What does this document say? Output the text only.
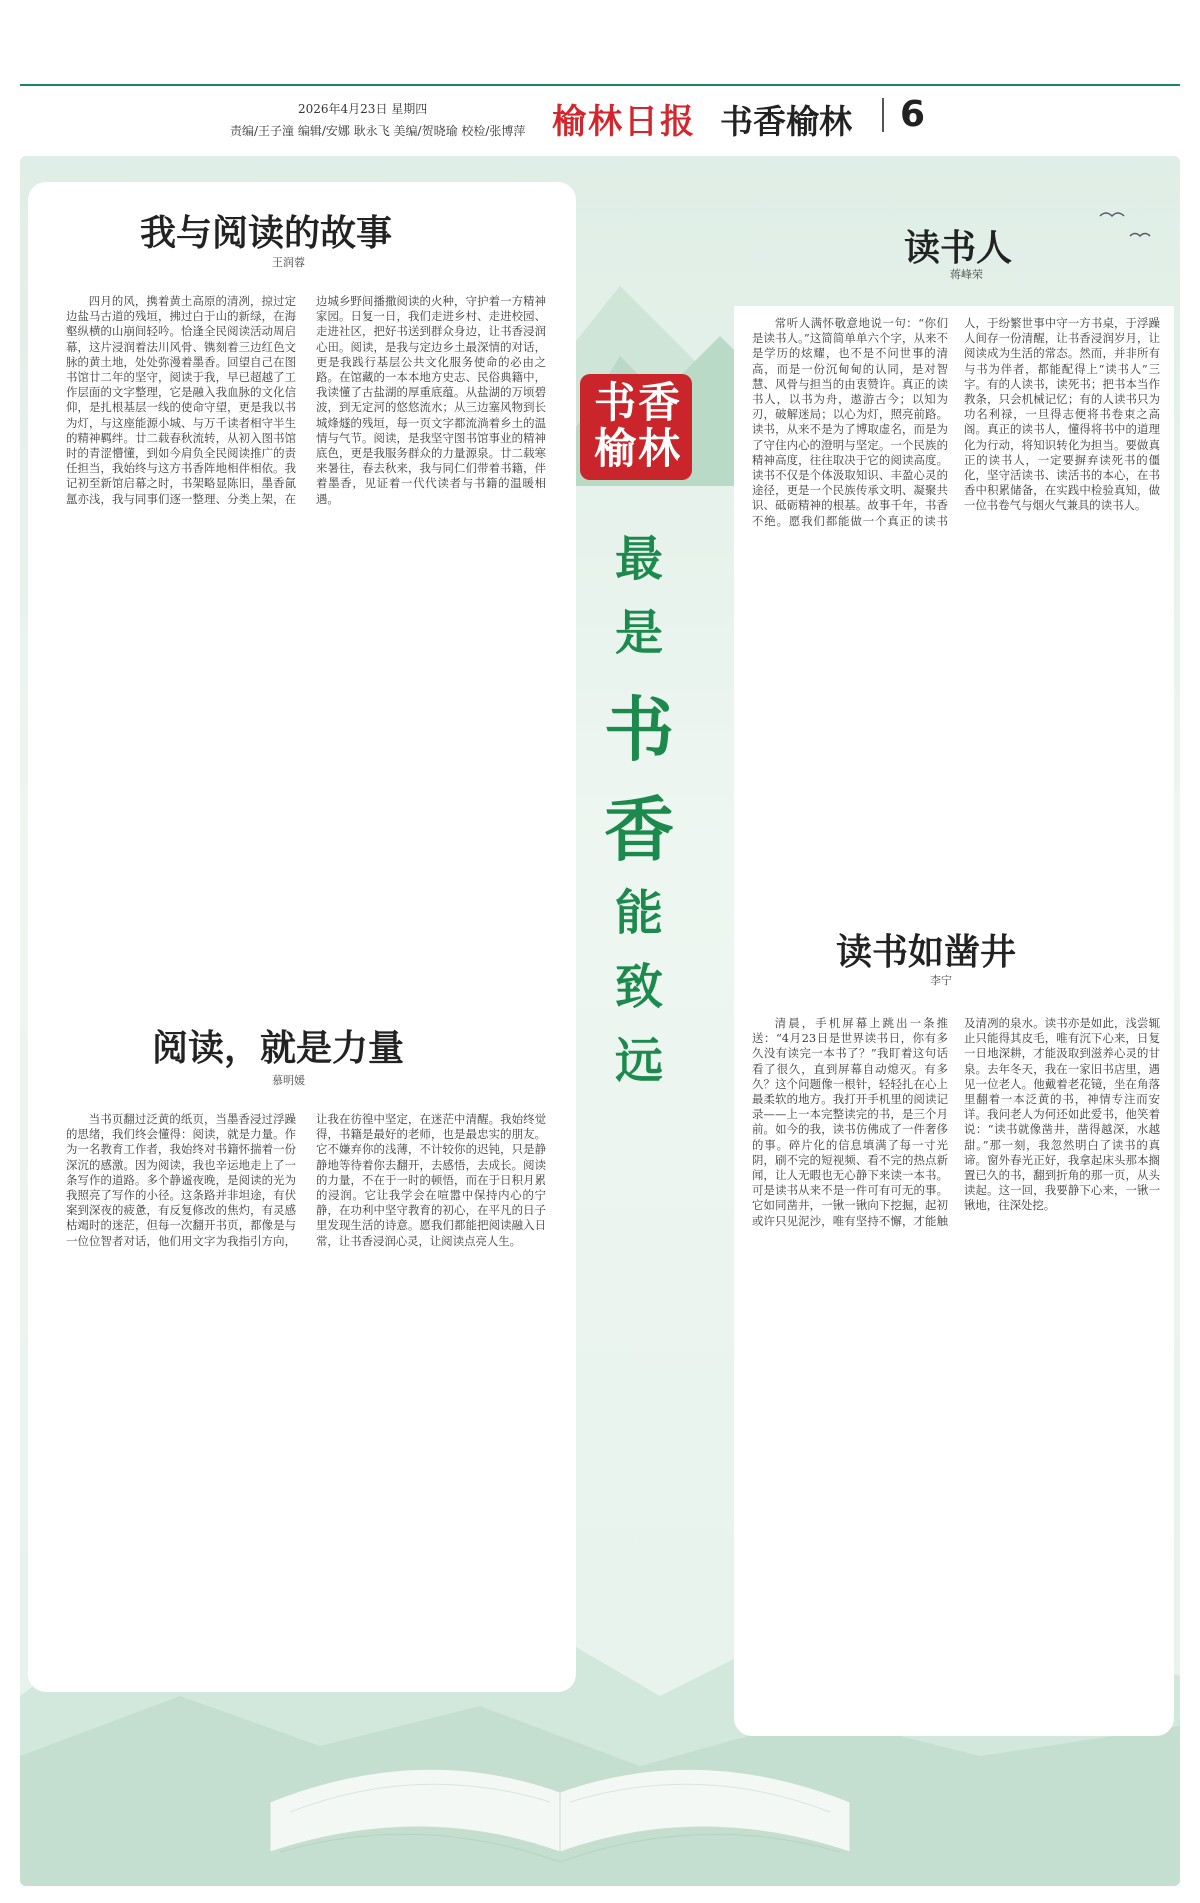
2026年4月23日 星期四
责编/王子潼 编辑/安娜 耿永飞 美编/贺晓瑜 校检/张博萍 榆林日报 书香榆林 6
我与阅读的故事
王润蓉

四月的风，携着黄土高原的清冽，掠过定边盐马古道的残垣，拂过白于山的新绿，在海壑纵横的山崩间轻吟。恰逢全民阅读活动周启幕，这片浸润着法川风骨、镌刻着三边红色文脉的黄土地，处处弥漫着墨香。回望自己在图书馆廿二年的坚守，阅读于我，早已超越了工作层面的文字整理，它是融入我血脉的文化信仰，是扎根基层一线的使命守望，更是我以书为灯，与这座能源小城、与万千读者相守半生的精神羁绊。廿二载春秋流转，从初入图书馆时的青涩懵懂，到如今肩负全民阅读推广的责任担当，我始终与这方书香阵地相伴相依。我记初至新馆启幕之时，书架略显陈旧，墨香氤氲亦浅，我与同事们逐一整理、分类上架，在边城乡野间播撒阅读的火种，守护着一方精神家园。日复一日，我们走进乡村、走进校园、走进社区，把好书送到群众身边，让书香浸润心田。阅读，是我与定边乡土最深情的对话，更是我践行基层公共文化服务使命的必由之路。在馆藏的一本本地方史志、民俗典籍中，我读懂了古盐湖的厚重底蕴。从盐湖的万顷碧波，到无定河的悠悠流水；从三边塞风物到长城烽燧的残垣，每一页文字都流淌着乡土的温情与气节。阅读，是我坚守图书馆事业的精神底色，更是我服务群众的力量源泉。廿二载寒来暑往，春去秋来，我与同仁们带着书籍，伴着墨香，见证着一代代读者与书籍的温暖相遇。

阅读，就是力量
慕明媛

当书页翻过泛黄的纸页，当墨香浸过浮躁的思绪，我们终会懂得：阅读，就是力量。作为一名教育工作者，我始终对书籍怀揣着一份深沉的感激。因为阅读，我也辛运地走上了一条写作的道路。多个静谧夜晚，是阅读的光为我照亮了写作的小径。这条路并非坦途，有伏案到深夜的疲惫，有反复修改的焦灼，有灵感枯竭时的迷茫，但每一次翻开书页，都像是与一位位智者对话，他们用文字为我指引方向，让我在彷徨中坚定，在迷茫中清醒。我始终觉得，书籍是最好的老师，也是最忠实的朋友。它不嫌弃你的浅薄，不计较你的迟钝，只是静静地等待着你去翻开，去感悟，去成长。阅读的力量，不在于一时的顿悟，而在于日积月累的浸润。它让我学会在喧嚣中保持内心的宁静，在功利中坚守教育的初心，在平凡的日子里发现生活的诗意。愿我们都能把阅读融入日常，让书香浸润心灵，让阅读点亮人生。

书 香
榆 林
最
是
书
香
能
致
远
读书人
蒋峰荣

常听人满怀敬意地说一句：“你们是读书人。”这简简单单六个字，从来不是学历的炫耀，也不是不问世事的清高，而是一份沉甸甸的认同，是对智慧、风骨与担当的由衷赞许。真正的读书人，以书为舟，遨游古今；以知为刃，破解迷局；以心为灯，照亮前路。读书，从来不是为了博取虚名，而是为了守住内心的澄明与坚定。一个民族的精神高度，往往取决于它的阅读高度。读书不仅是个体汲取知识、丰盈心灵的途径，更是一个民族传承文明、凝聚共识、砥砺精神的根基。故事千年，书香不绝。愿我们都能做一个真正的读书人，于纷繁世事中守一方书桌，于浮躁人间存一份清醒，让书香浸润岁月，让阅读成为生活的常态。然而，并非所有与书为伴者，都能配得上“读书人”三字。有的人读书，读死书；把书本当作教条，只会机械记忆；有的人读书只为功名利禄，一旦得志便将书卷束之高阁。真正的读书人，懂得将书中的道理化为行动，将知识转化为担当。要做真正的读书人，一定要摒弃读死书的僵化，坚守活读书、读活书的本心，在书香中积累储备，在实践中检验真知，做一位书卷气与烟火气兼具的读书人。

读书如凿井
李宁

清晨，手机屏幕上跳出一条推送：“4月23日是世界读书日，你有多久没有读完一本书了？”我盯着这句话看了很久，直到屏幕自动熄灭。有多久？这个问题像一根针，轻轻扎在心上最柔软的地方。我打开手机里的阅读记录——上一本完整读完的书，是三个月前。如今的我，读书仿佛成了一件奢侈的事。碎片化的信息填满了每一寸光阴，刷不完的短视频、看不完的热点新闻，让人无暇也无心静下来读一本书。可是读书从来不是一件可有可无的事。它如同凿井，一锹一锹向下挖掘，起初或许只见泥沙，唯有坚持不懈，才能触及清冽的泉水。读书亦是如此，浅尝辄止只能得其皮毛，唯有沉下心来，日复一日地深耕，才能汲取到滋养心灵的甘泉。去年冬天，我在一家旧书店里，遇见一位老人。他戴着老花镜，坐在角落里翻着一本泛黄的书，神情专注而安详。我问老人为何还如此爱书，他笑着说：“读书就像凿井，凿得越深，水越甜。”那一刻，我忽然明白了读书的真谛。窗外春光正好，我拿起床头那本搁置已久的书，翻到折角的那一页，从头读起。这一回，我要静下心来，一锹一锹地，往深处挖。
